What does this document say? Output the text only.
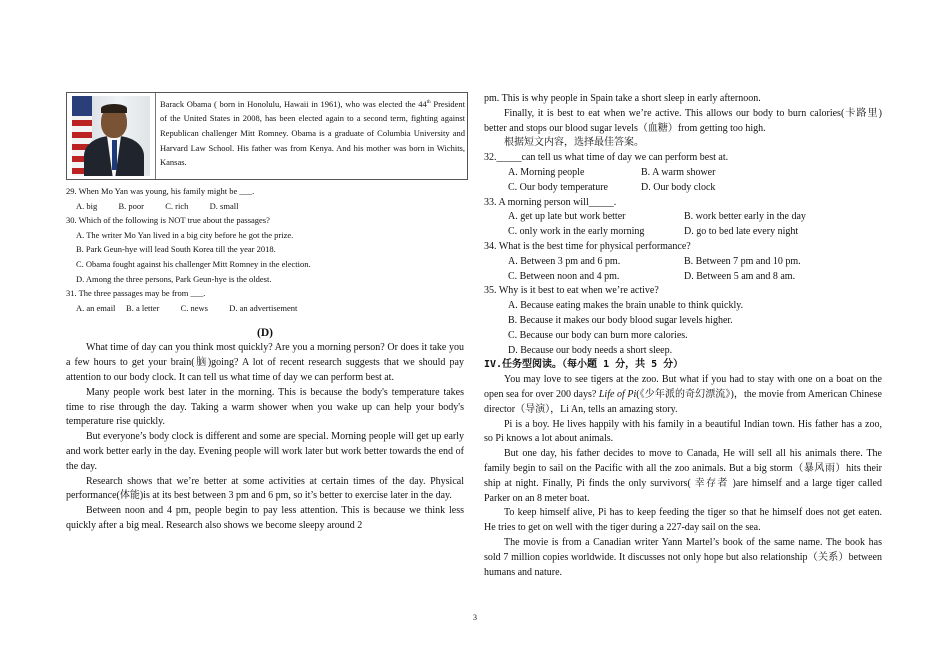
Barack Obama ( born in Honolulu, Hawaii in 1961), who was elected the 44th President of the United States in 2008, has been elected again to a second term, fighting against Republican challenger Mitt Romney. Obama is a graduate of Columbia University and Harvard Law School. His father was from Kenya. And his mother was born in Wichits, Kansas.
29. When Mo Yan was young, his family might be ___.
A. big          B. poor          C. rich          D. small
30. Which of the following is NOT true about the passages?
A. The writer Mo Yan lived in a big city before he got the prize.
B. Park Geun-hye will lead South Korea till the year 2018.
C. Obama fought against his challenger Mitt Romney in the election.
D. Among the three persons, Park Geun-hye is the oldest.
31. The three passages may be from ___.
A. an email     B. a letter          C. news          D. an advertisement
(D)

What time of day can you think most quickly? Are you a morning person? Or does it take you a few hours to get your brain(脑)going? A lot of recent research suggests that we should pay attention to our body clock. It can tell us what time of day we can perform best at.

Many people work best later in the morning. This is because the body's temperature takes time to rise through the day. Taking a warm shower when you wake up can help your body's temperature rise quickly.

But everyone’s body clock is different and some are special. Morning people will get up early and work better early in the day. Evening people will work later but work better towards the end of the day.

Research shows that we’re better at some activities at certain times of the day. Physical performance(体能)is at its best between 3 pm and 6 pm, so it’s better to exercise later in the day.

Between noon and 4 pm, people begin to pay less attention. This is because we think less quickly after a big meal. Research also shows we become sleepy around 2

pm. This is why people in Spain take a short sleep in early afternoon.

Finally, it is best to eat when we’re active. This allows our body to burn calories(卡路里) better and stops our blood sugar levels（血糖）from getting too high.

根据短文内容，选择最佳答案。

32._____can tell us what time of day we can perform best at.
A. Morning people	B. A warm shower
C. Our body temperature	D. Our body clock
33. A morning person will_____.
A. get up late but work better	B. work better early in the day
C. only work in the early morning	D. go to bed late every night
34. What is the best time for physical performance?
A. Between 3 pm and 6 pm.	B. Between 7 pm and 10 pm.
C. Between noon and 4 pm.	D. Between 5 am and 8 am.
35. Why is it best to eat when we’re active?
A. Because eating makes the brain unable to think quickly.
B. Because it makes our body blood sugar levels higher.
C. Because our body can burn more calories.
D. Because our body needs a short sleep.
IV.任务型阅读。（每小题 1 分，共 5 分）

You may love to see tigers at the zoo. But what if you had to stay with one on a boat on the open sea for over 200 days? Life of Pi(《少年派的奇幻漂流》)，the movie from American Chinese director（导演），Li An, tells an amazing story.

Pi is a boy. He lives happily with his family in a beautiful Indian town. His father has a zoo, so Pi knows a lot about animals.

But one day, his father decides to move to Canada, He will sell all his animals there. The family begin to sail on the Pacific with all the zoo animals. But a big storm（暴风雨）hits their ship at night. Finally, Pi finds the only survivors( 幸存者 )are himself and a large tiger called Parker on an 8 meter boat.

To keep himself alive, Pi has to keep feeding the tiger so that he himself does not get eaten. He tries to get on well with the tiger during a 227-day sail on the sea.

The movie is from a Canadian writer Yann Martel’s book of the same name. The book has sold 7 million copies worldwide. It discusses not only hope but also relationship（关系）between humans and nature.

3
